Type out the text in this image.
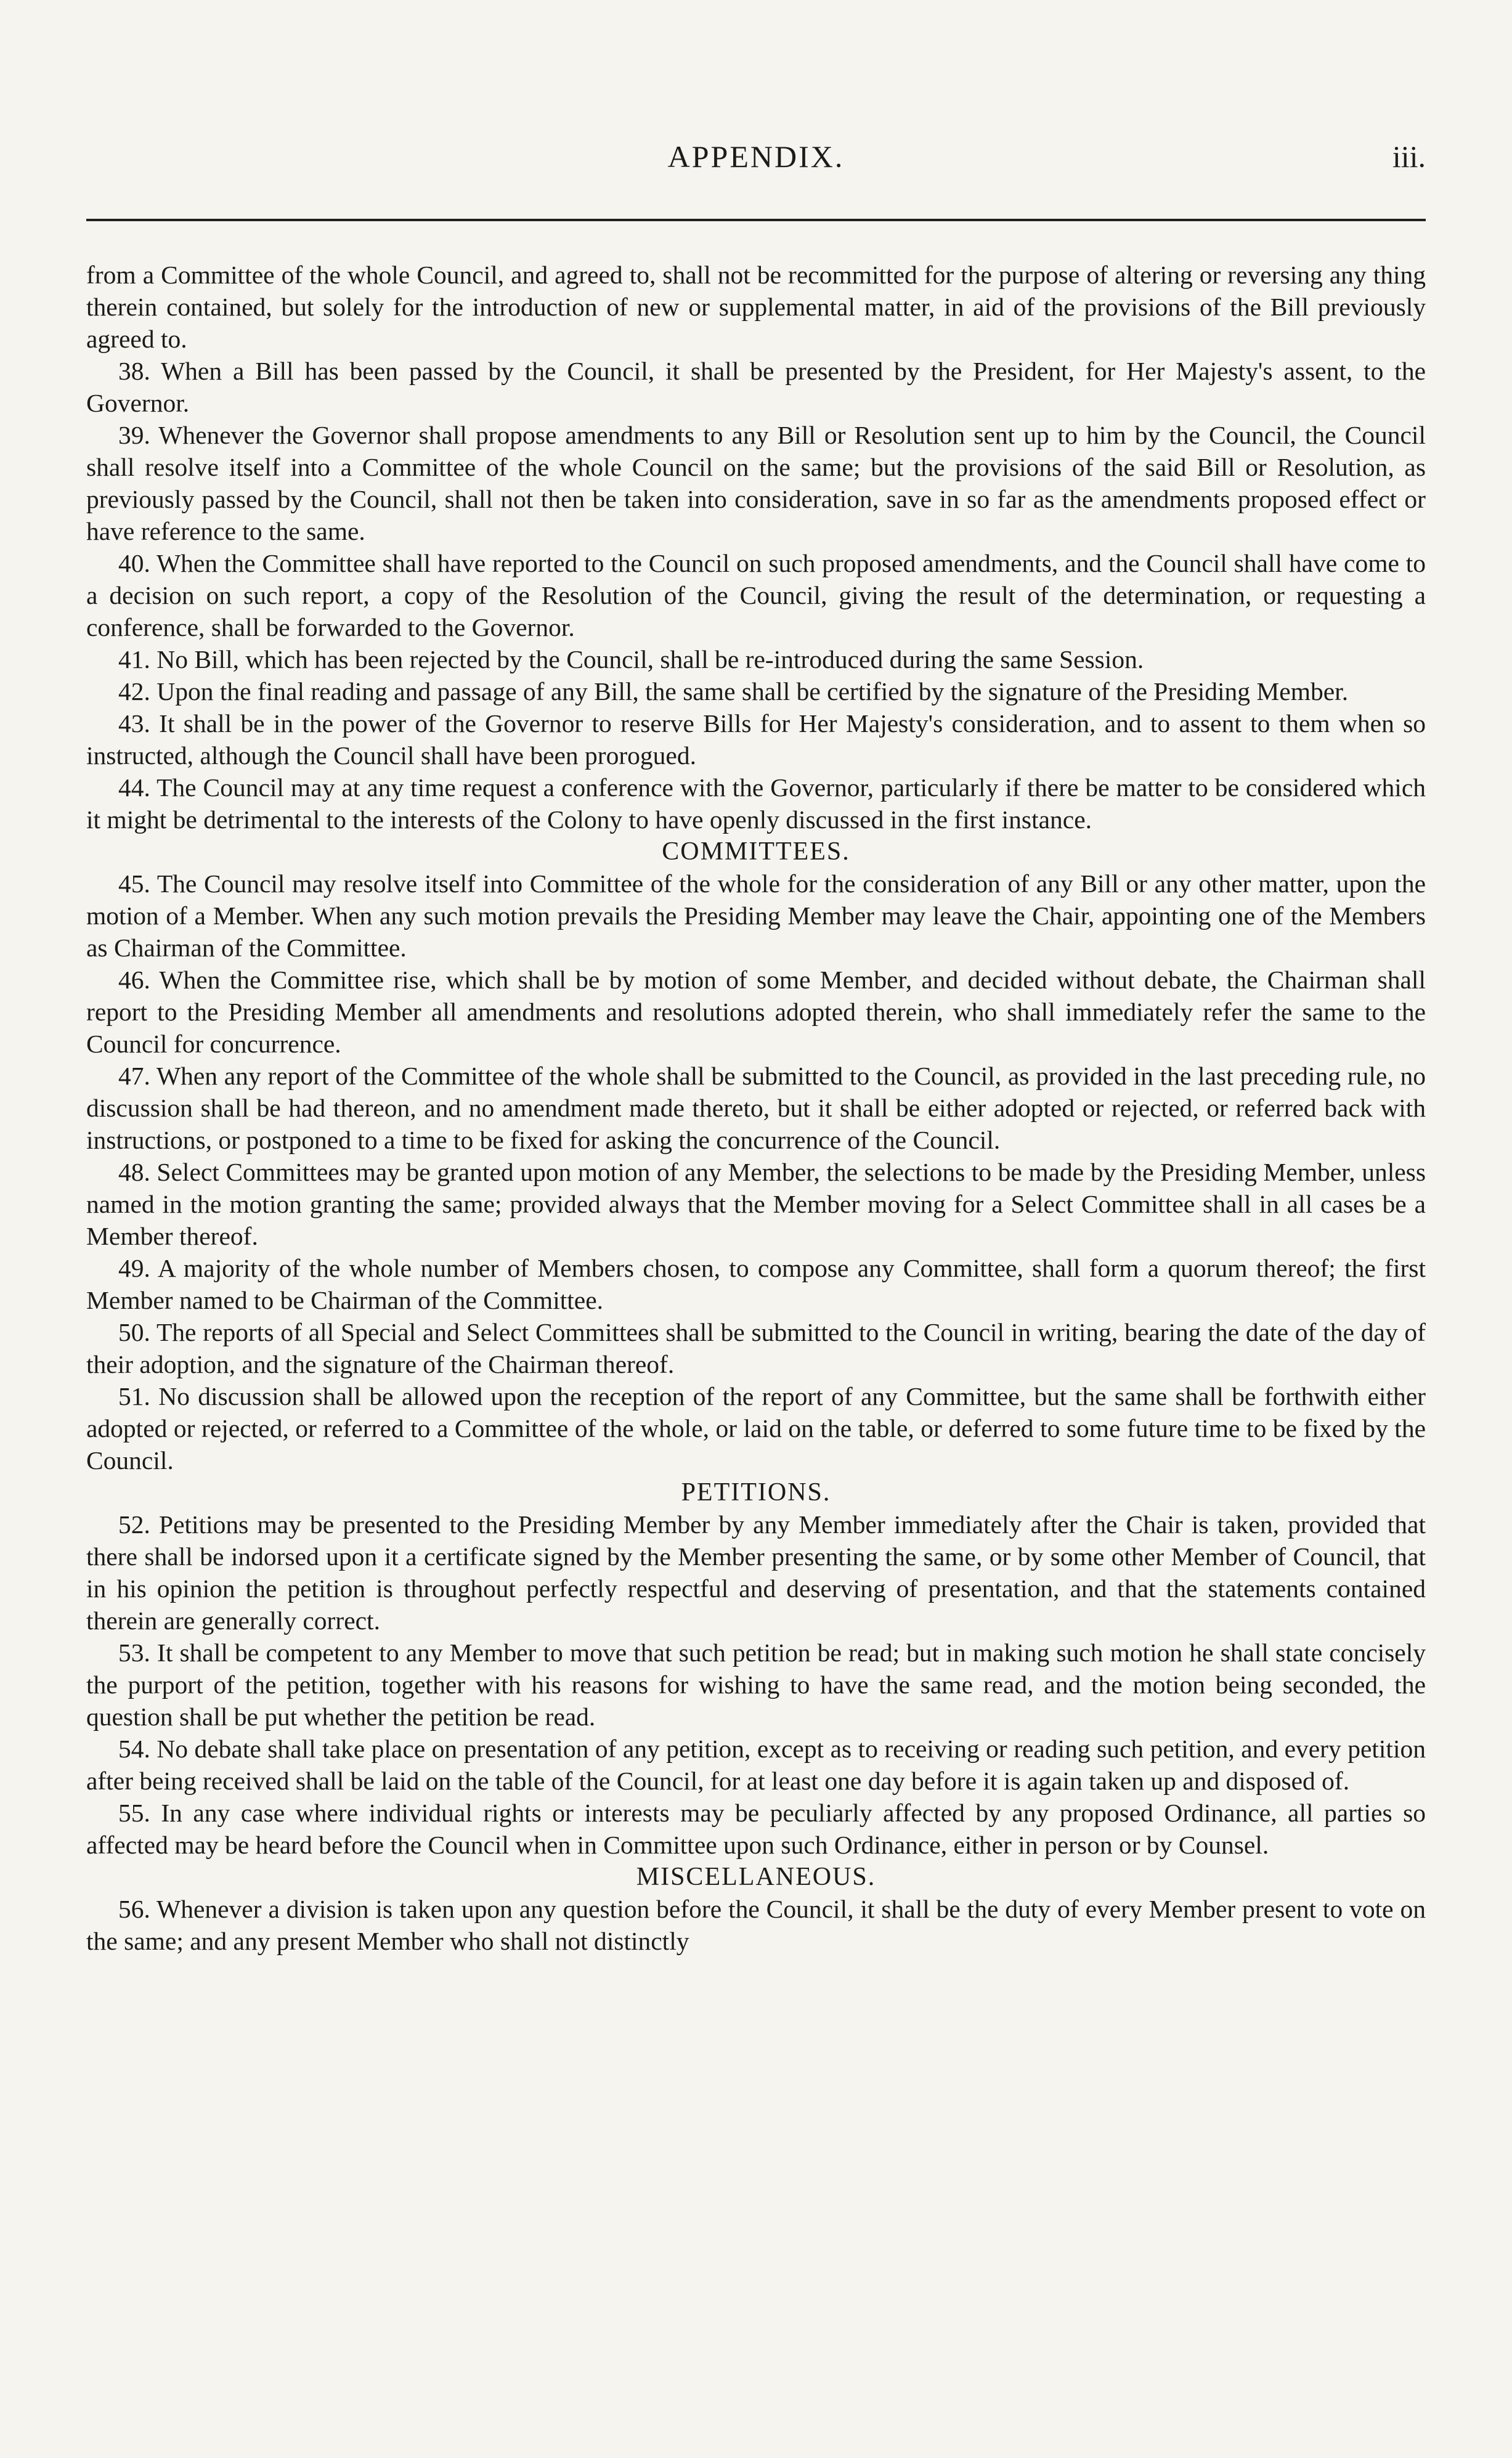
APPENDIX.	iii.

from a Committee of the whole Council, and agreed to, shall not be recommitted for the purpose of altering or reversing any thing therein contained, but solely for the introduction of new or supplemental matter, in aid of the provisions of the Bill previously agreed to.

38. When a Bill has been passed by the Council, it shall be presented by the President, for Her Majesty's assent, to the Governor.

39. Whenever the Governor shall propose amendments to any Bill or Resolution sent up to him by the Council, the Council shall resolve itself into a Committee of the whole Council on the same; but the provisions of the said Bill or Resolution, as previously passed by the Council, shall not then be taken into consideration, save in so far as the amendments proposed effect or have reference to the same.

40. When the Committee shall have reported to the Council on such proposed amendments, and the Council shall have come to a decision on such report, a copy of the Resolution of the Council, giving the result of the determination, or requesting a conference, shall be forwarded to the Governor.

41. No Bill, which has been rejected by the Council, shall be re-introduced during the same Session.

42. Upon the final reading and passage of any Bill, the same shall be certified by the signature of the Presiding Member.

43. It shall be in the power of the Governor to reserve Bills for Her Majesty's consideration, and to assent to them when so instructed, although the Council shall have been prorogued.

44. The Council may at any time request a conference with the Governor, particularly if there be matter to be considered which it might be detrimental to the interests of the Colony to have openly discussed in the first instance.

COMMITTEES.

45. The Council may resolve itself into Committee of the whole for the consideration of any Bill or any other matter, upon the motion of a Member. When any such motion prevails the Presiding Member may leave the Chair, appointing one of the Members as Chairman of the Committee.

46. When the Committee rise, which shall be by motion of some Member, and decided without debate, the Chairman shall report to the Presiding Member all amendments and resolutions adopted therein, who shall immediately refer the same to the Council for concurrence.

47. When any report of the Committee of the whole shall be submitted to the Council, as provided in the last preceding rule, no discussion shall be had thereon, and no amendment made thereto, but it shall be either adopted or rejected, or referred back with instructions, or postponed to a time to be fixed for asking the concurrence of the Council.

48. Select Committees may be granted upon motion of any Member, the selections to be made by the Presiding Member, unless named in the motion granting the same; provided always that the Member moving for a Select Committee shall in all cases be a Member thereof.

49. A majority of the whole number of Members chosen, to compose any Committee, shall form a quorum thereof; the first Member named to be Chairman of the Committee.

50. The reports of all Special and Select Committees shall be submitted to the Council in writing, bearing the date of the day of their adoption, and the signature of the Chairman thereof.

51. No discussion shall be allowed upon the reception of the report of any Committee, but the same shall be forthwith either adopted or rejected, or referred to a Committee of the whole, or laid on the table, or deferred to some future time to be fixed by the Council.

PETITIONS.

52. Petitions may be presented to the Presiding Member by any Member immediately after the Chair is taken, provided that there shall be indorsed upon it a certificate signed by the Member presenting the same, or by some other Member of Council, that in his opinion the petition is throughout perfectly respectful and deserving of presentation, and that the statements contained therein are generally correct.

53. It shall be competent to any Member to move that such petition be read; but in making such motion he shall state concisely the purport of the petition, together with his reasons for wishing to have the same read, and the motion being seconded, the question shall be put whether the petition be read.

54. No debate shall take place on presentation of any petition, except as to receiving or reading such petition, and every petition after being received shall be laid on the table of the Council, for at least one day before it is again taken up and disposed of.

55. In any case where individual rights or interests may be peculiarly affected by any proposed Ordinance, all parties so affected may be heard before the Council when in Committee upon such Ordinance, either in person or by Counsel.

MISCELLANEOUS.

56. Whenever a division is taken upon any question before the Council, it shall be the duty of every Member present to vote on the same; and any present Member who shall not distinctly
